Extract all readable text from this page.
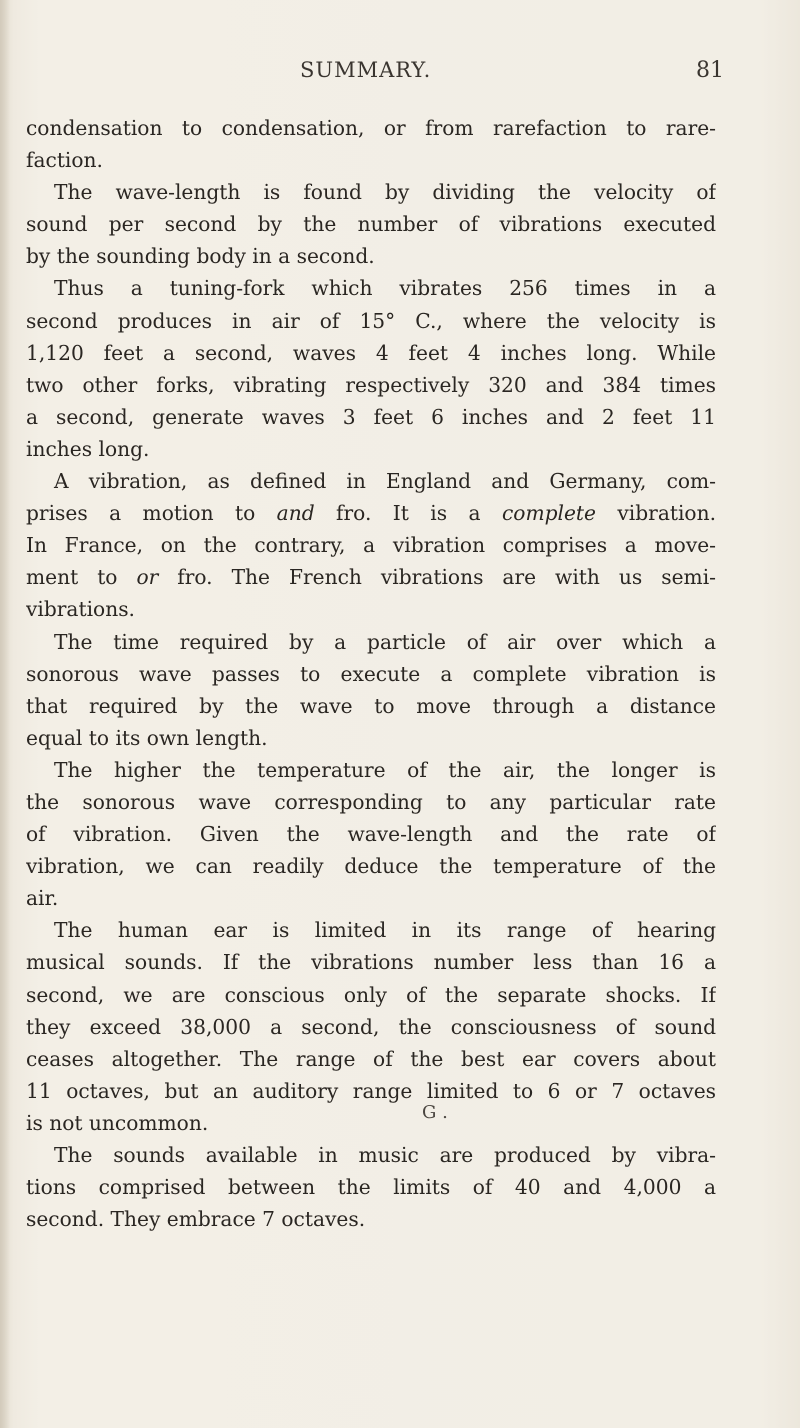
SUMMARY.	81
condensation to condensation, or from rarefaction to rare-
faction.
The wave-length is found by dividing the velocity of
sound per second by the number of vibrations executed
by the sounding body in a second.
Thus a tuning-fork which vibrates 256 times in a
second produces in air of 15° C., where the velocity is
1,120 feet a second, waves 4 feet 4 inches long. While
two other forks, vibrating respectively 320 and 384 times
a second, generate waves 3 feet 6 inches and 2 feet 11
inches long.
A vibration, as defined in England and Germany, com-
prises a motion to and fro. It is a complete vibration.
In France, on the contrary, a vibration comprises a move-
ment to or fro. The French vibrations are with us semi-
vibrations.
The time required by a particle of air over which a
sonorous wave passes to execute a complete vibration is
that required by the wave to move through a distance
equal to its own length.
The higher the temperature of the air, the longer is
the sonorous wave corresponding to any particular rate
of vibration. Given the wave-length and the rate of
vibration, we can readily deduce the temperature of the
air.
The human ear is limited in its range of hearing
musical sounds. If the vibrations number less than 16 a
second, we are conscious only of the separate shocks. If
they exceed 38,000 a second, the consciousness of sound
ceases altogether. The range of the best ear covers about
11 octaves, but an auditory range limited to 6 or 7 octaves
is not uncommon.
The sounds available in music are produced by vibra-
tions comprised between the limits of 40 and 4,000 a
second. They embrace 7 octaves.
G .
